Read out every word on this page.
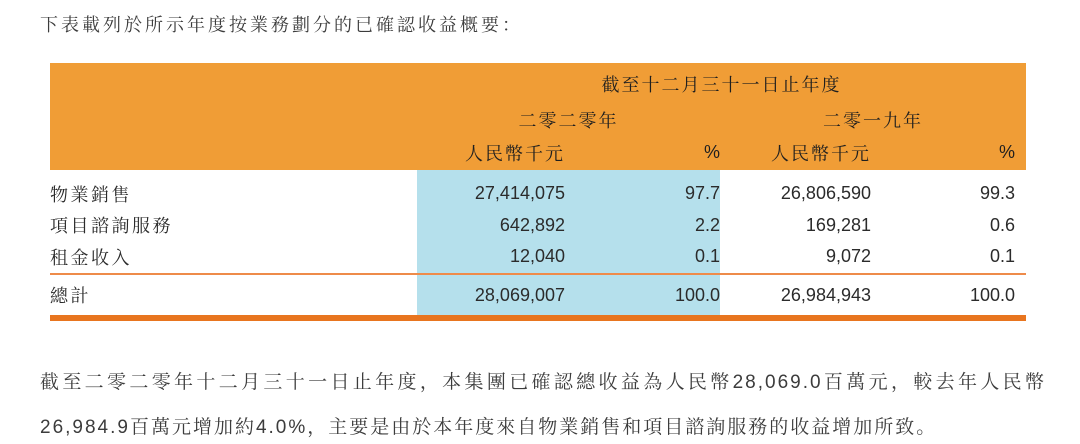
下表載列於所示年度按業務劃分的已確認收益概要：

	截至十二月三十一日止年度			
	二零二零年		二零一九年	
	人民幣千元	%	人民幣千元	%
物業銷售	27,414,075	97.7	26,806,590	99.3
項目諮詢服務	642,892	2.2	169,281	0.6
租金收入	12,040	0.1	9,072	0.1
總計	28,069,007	100.0	26,984,943	100.0

截至二零二零年十二月三十一日止年度，本集團已確認總收益為人民幣28,069.0百萬元，較去年人民幣26,984.9百萬元增加約4.0%，主要是由於本年度來自物業銷售和項目諮詢服務的收益增加所致。
